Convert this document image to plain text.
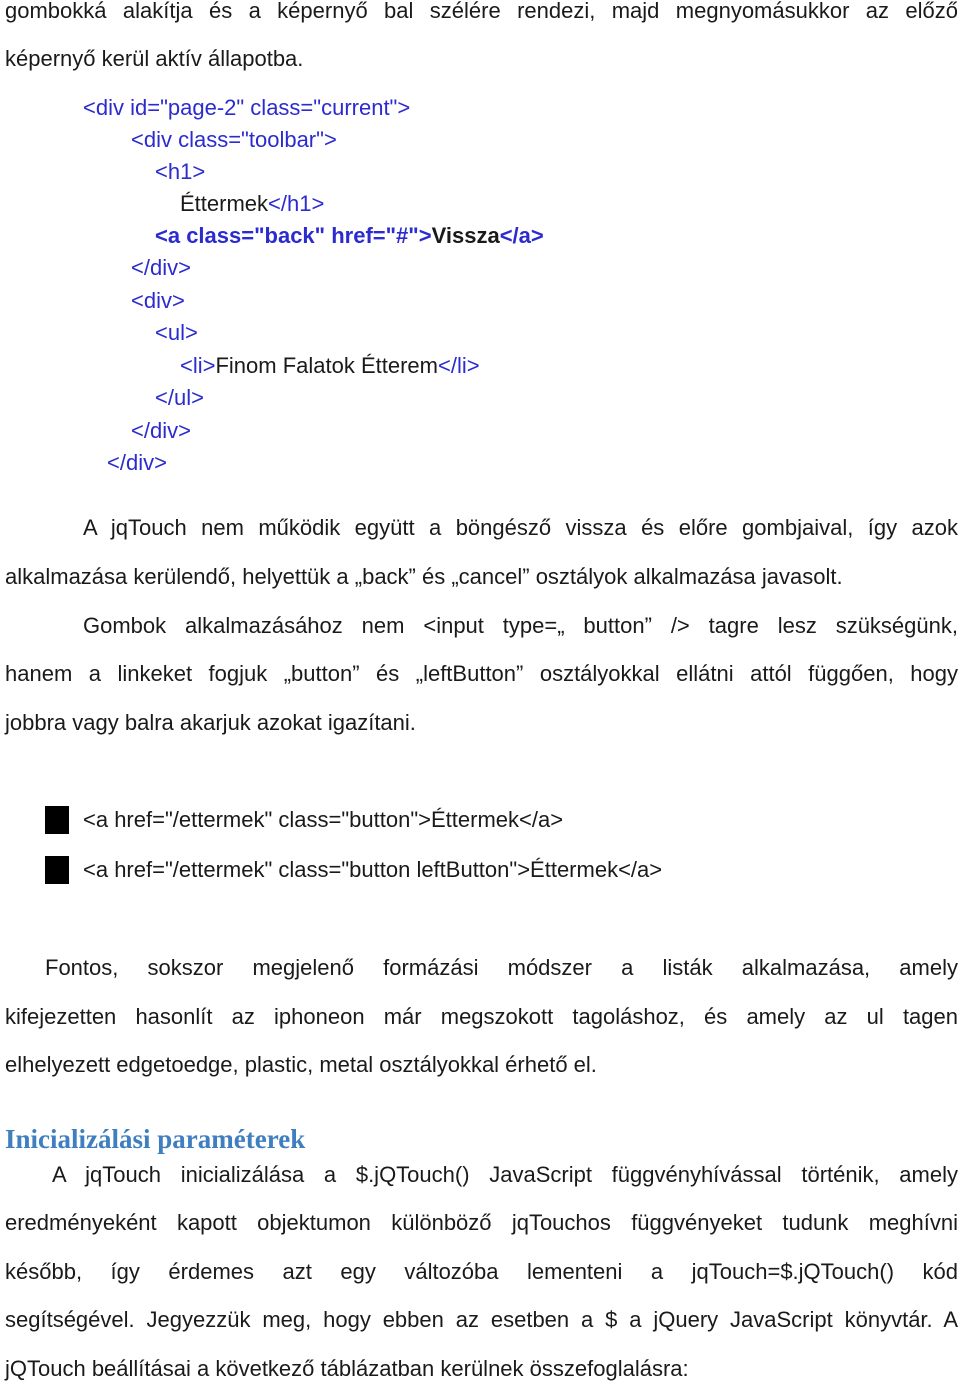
gombokká alakítja és a képernyő bal szélére rendezi, majd megnyomásukkor az előző
képernyő kerül aktív állapotba.
<div id="page-2" class="current">
<div class="toolbar">
<h1>
Éttermek</h1>
<a class="back" href="#">Vissza</a>
</div>
<div>
<ul>
<li>Finom Falatok Étterem</li>
</ul>
</div>
</div>
A jqTouch nem működik együtt a böngésző vissza és előre gombjaival, így azok
alkalmazása kerülendő, helyettük a „back” és „cancel” osztályok alkalmazása javasolt.
Gombok alkalmazásához nem <input type=„ button” /> tagre lesz szükségünk,
hanem a linkeket fogjuk „button” és „leftButton” osztályokkal ellátni attól függően, hogy
jobbra vagy balra akarjuk azokat igazítani.
<a href="/ettermek" class="button">Éttermek</a>
<a href="/ettermek" class="button leftButton">Éttermek</a>
Fontos, sokszor megjelenő formázási módszer a listák alkalmazása, amely
kifejezetten hasonlít az iphoneon már megszokott tagoláshoz, és amely az ul tagen
elhelyezett edgetoedge, plastic, metal osztályokkal érhető el.
Inicializálási paraméterek
A jqTouch inicializálása a $.jQTouch() JavaScript függvényhívással történik, amely
eredményeként kapott objektumon különböző jqTouchos függvényeket tudunk meghívni
később, így érdemes azt egy változóba lementeni a jqTouch=$.jQTouch() kód
segítségével. Jegyezzük meg, hogy ebben az esetben a $ a jQuery JavaScript könyvtár. A
jQTouch beállításai a következő táblázatban kerülnek összefoglalásra:
